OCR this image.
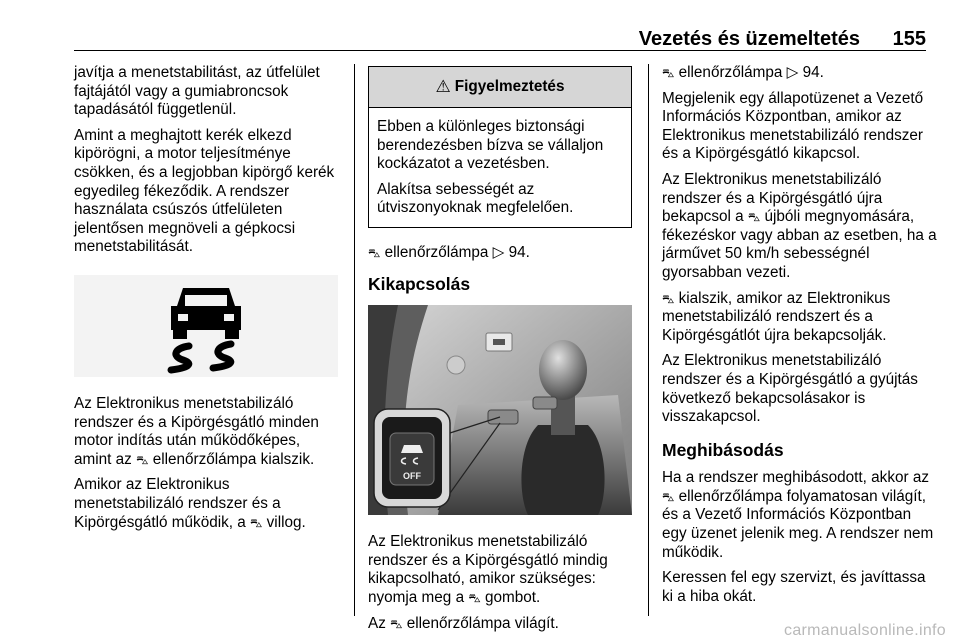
Vezetés és üzemeltetés 155

javítja a menetstabilitást, az útfelület fajtájától vagy a gumiabroncsok tapadásától függetlenül.

Amint a meghajtott kerék elkezd kipörögni, a motor teljesítménye csökken, és a legjobban kipörgő kerék egyedileg fékeződik. A rendszer használata csúszós útfelületen jelentősen megnöveli a gépkocsi menetstabilitását.

Az Elektronikus menetstabilizáló rendszer és a Kipörgésgátló minden motor indítás után működőképes, amint az ⛍ ellenőrzőlámpa kialszik.

Amikor az Elektronikus menetstabilizáló rendszer és a Kipörgésgátló működik, a ⛍ villog.

⚠ Figyelmeztetés

Ebben a különleges biztonsági berendezésben bízva se vállaljon kockázatot a vezetésben.

Alakítsa sebességét az útviszonyoknak megfelelően.

⛍ ellenőrzőlámpa ▷ 94.

Kikapcsolás
OFF

Az Elektronikus menetstabilizáló rendszer és a Kipörgésgátló mindig kikapcsolható, amikor szükséges: nyomja meg a ⛍ gombot.

Az ⛍ ellenőrzőlámpa világít.

⛍ ellenőrzőlámpa ▷ 94.

Megjelenik egy állapotüzenet a Vezető Információs Központban, amikor az Elektronikus menetstabilizáló rendszer és a Kipörgésgátló kikapcsol.

Az Elektronikus menetstabilizáló rendszer és a Kipörgésgátló újra bekapcsol a ⛍ újbóli megnyomására, fékezéskor vagy abban az esetben, ha a járművet 50 km/h sebességnél gyorsabban vezeti.

⛍ kialszik, amikor az Elektronikus menetstabilizáló rendszert és a Kipörgésgátlót újra bekapcsolják.

Az Elektronikus menetstabilizáló rendszer és a Kipörgésgátló a gyújtás következő bekapcsolásakor is visszakapcsol.

Meghibásodás

Ha a rendszer meghibásodott, akkor az ⛍ ellenőrzőlámpa folyamatosan világít, és a Vezető Információs Központban egy üzenet jelenik meg. A rendszer nem működik.

Keressen fel egy szervizt, és javíttassa ki a hiba okát.

carmanualsonline.info
